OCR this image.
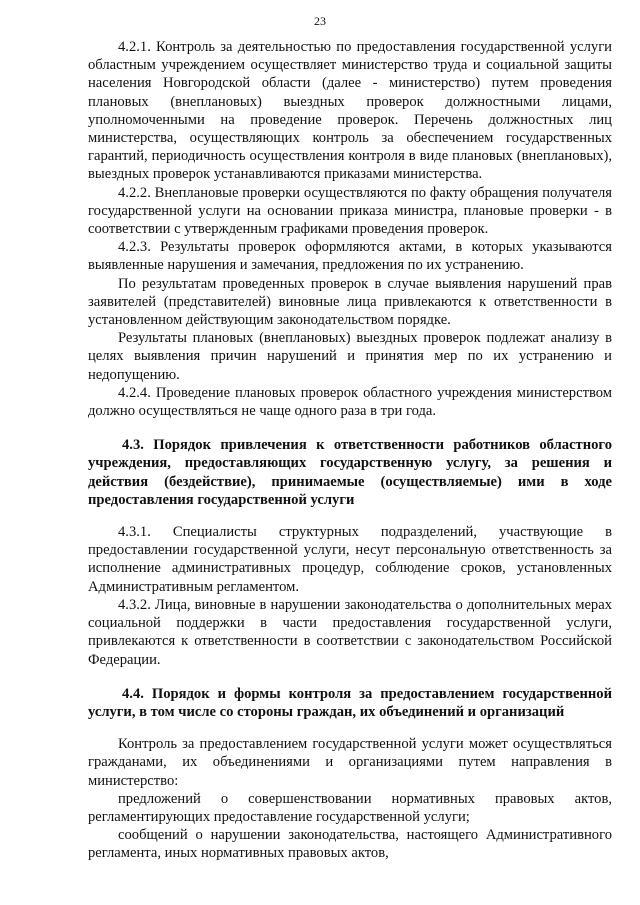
23

4.2.1. Контроль за деятельностью по предоставления государственной услуги областным учреждением осуществляет министерство труда и социальной защиты населения Новгородской области (далее - министерство) путем проведения плановых (внеплановых) выездных проверок должностными лицами, уполномоченными на проведение проверок. Перечень должностных лиц министерства, осуществляющих контроль за обеспечением государственных гарантий, периодичность осуществления контроля в виде плановых (внеплановых), выездных проверок устанавливаются приказами министерства.

4.2.2. Внеплановые проверки осуществляются по факту обращения получателя государственной услуги на основании приказа министра, плановые проверки - в соответствии с утвержденным графиками проведения проверок.

4.2.3. Результаты проверок оформляются актами, в которых указываются выявленные нарушения и замечания, предложения по их устранению.

По результатам проведенных проверок в случае выявления нарушений прав заявителей (представителей) виновные лица привлекаются к ответственности в установленном действующим законодательством порядке.

Результаты плановых (внеплановых) выездных проверок подлежат анализу в целях выявления причин нарушений и принятия мер по их устранению и недопущению.

4.2.4. Проведение плановых проверок областного учреждения министерством должно осуществляться не чаще одного раза в три года.

4.3. Порядок привлечения к ответственности работников областного учреждения, предоставляющих государственную услугу, за решения и действия (бездействие), принимаемые (осуществляемые) ими в ходе предоставления государственной услуги

4.3.1. Специалисты структурных подразделений, участвующие в предоставлении государственной услуги, несут персональную ответственность за исполнение административных процедур, соблюдение сроков, установленных Административным регламентом.

4.3.2. Лица, виновные в нарушении законодательства о дополнительных мерах социальной поддержки в части предоставления государственной услуги, привлекаются к ответственности в соответствии с законодательством Российской Федерации.

4.4. Порядок и формы контроля за предоставлением государственной услуги, в том числе со стороны граждан, их объединений и организаций

Контроль за предоставлением государственной услуги может осуществляться гражданами, их объединениями и организациями путем направления в министерство:

предложений о совершенствовании нормативных правовых актов, регламентирующих предоставление государственной услуги;

сообщений о нарушении законодательства, настоящего Административного регламента, иных нормативных правовых актов,
